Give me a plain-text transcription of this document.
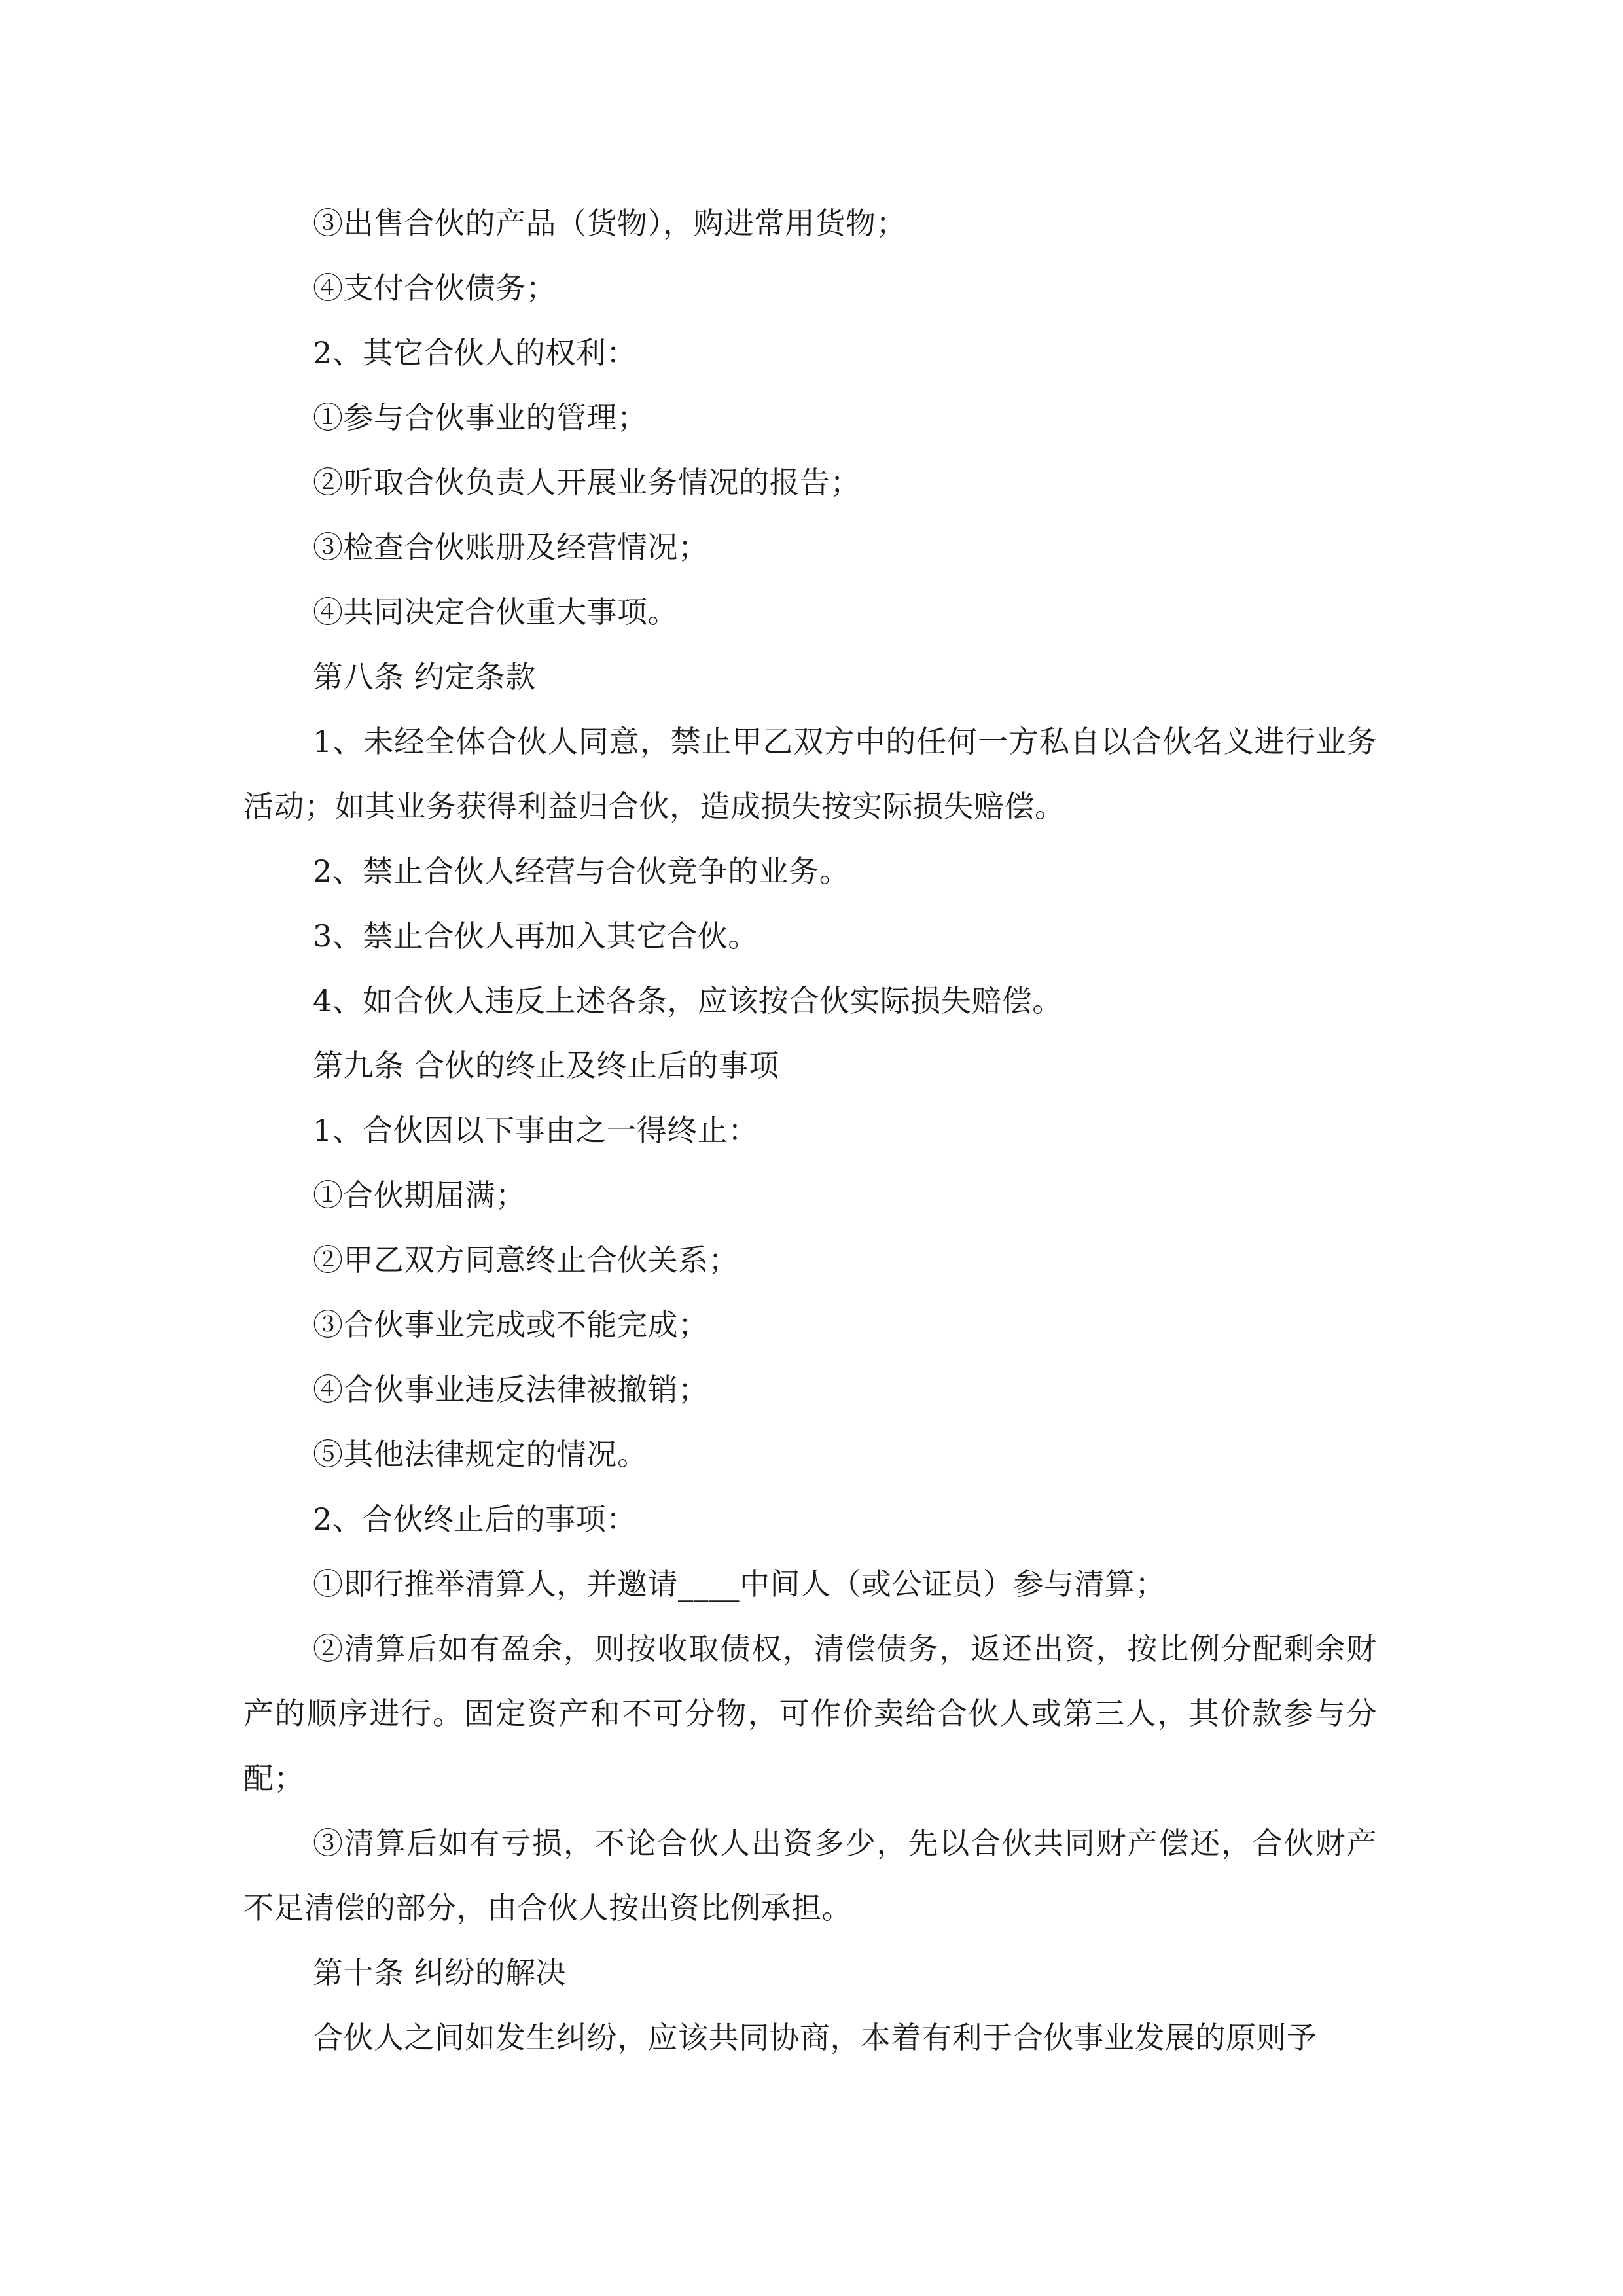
③出售合伙的产品（货物），购进常用货物；

④支付合伙债务；

2、其它合伙人的权利：

①参与合伙事业的管理；

②听取合伙负责人开展业务情况的报告；

③检查合伙账册及经营情况；

④共同决定合伙重大事项。

第八条 约定条款

1、未经全体合伙人同意，禁止甲乙双方中的任何一方私自以合伙名义进行业务活动；如其业务获得利益归合伙，造成损失按实际损失赔偿。

2、禁止合伙人经营与合伙竞争的业务。

3、禁止合伙人再加入其它合伙。

4、如合伙人违反上述各条，应该按合伙实际损失赔偿。

第九条 合伙的终止及终止后的事项

1、合伙因以下事由之一得终止：

①合伙期届满；

②甲乙双方同意终止合伙关系；

③合伙事业完成或不能完成；

④合伙事业违反法律被撤销；

⑤其他法律规定的情况。

2、合伙终止后的事项：

①即行推举清算人，并邀请____中间人（或公证员）参与清算；

②清算后如有盈余，则按收取债权，清偿债务，返还出资，按比例分配剩余财产的顺序进行。固定资产和不可分物，可作价卖给合伙人或第三人，其价款参与分配；

③清算后如有亏损，不论合伙人出资多少，先以合伙共同财产偿还，合伙财产不足清偿的部分，由合伙人按出资比例承担。

第十条 纠纷的解决

合伙人之间如发生纠纷，应该共同协商，本着有利于合伙事业发展的原则予
